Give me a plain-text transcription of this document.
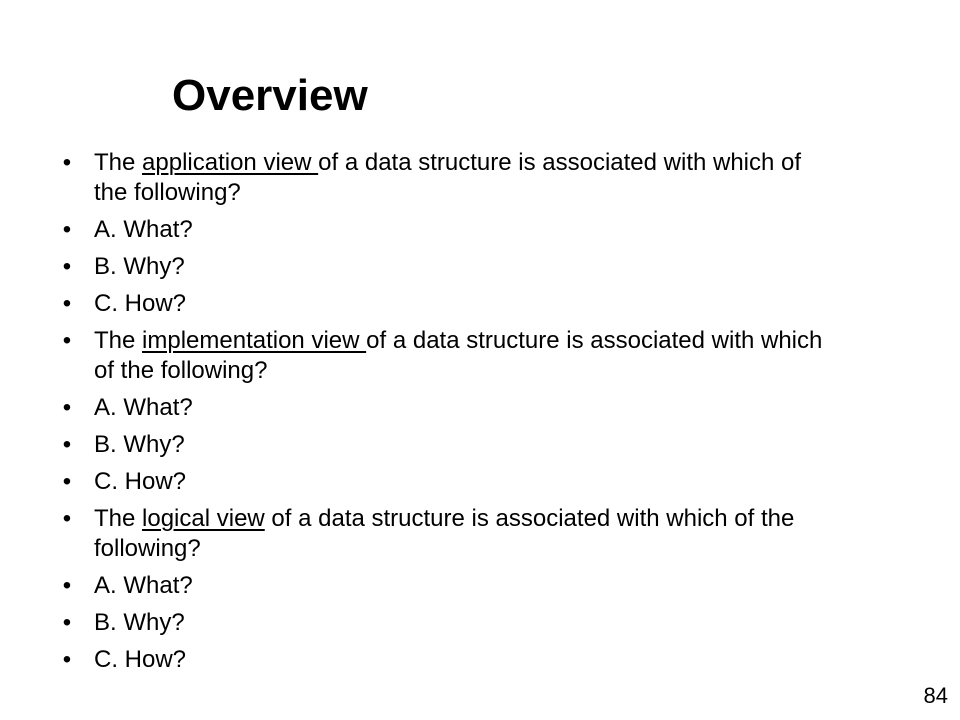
Overview
• The application view of a data structure is associated with which of
the following?
• A. What?
• B. Why?
• C. How?
• The implementation view of a data structure is associated with which
of the following?
• A. What?
• B. Why?
• C. How?
• The logical view of a data structure is associated with which of the
following?
• A. What?
• B. Why?
• C. How?
84
